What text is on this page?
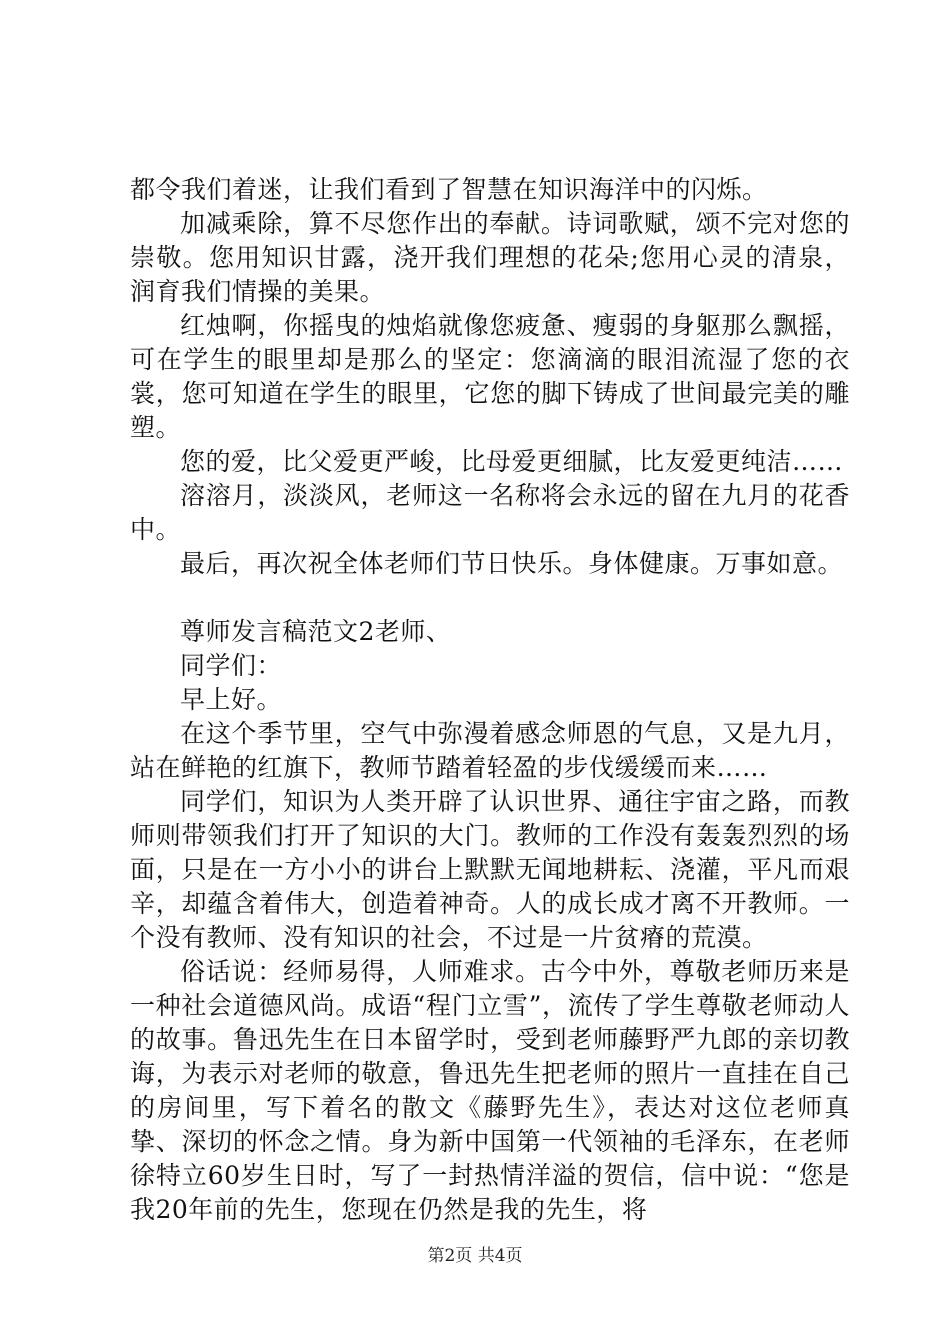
都令我们着迷，让我们看到了智慧在知识海洋中的闪烁。

加减乘除，算不尽您作出的奉献。诗词歌赋，颂不完对您的崇敬。您用知识甘露，浇开我们理想的花朵;您用心灵的清泉，润育我们情操的美果。

红烛啊，你摇曳的烛焰就像您疲惫、瘦弱的身躯那么飘摇，可在学生的眼里却是那么的坚定：您滴滴的眼泪流湿了您的衣裳，您可知道在学生的眼里，它您的脚下铸成了世间最完美的雕塑。

您的爱，比父爱更严峻，比母爱更细腻，比友爱更纯洁……

溶溶月，淡淡风，老师这一名称将会永远的留在九月的花香中。

最后，再次祝全体老师们节日快乐。身体健康。万事如意。

尊师发言稿范文2老师、

同学们：

早上好。

在这个季节里，空气中弥漫着感念师恩的气息，又是九月，站在鲜艳的红旗下，教师节踏着轻盈的步伐缓缓而来……

同学们，知识为人类开辟了认识世界、通往宇宙之路，而教师则带领我们打开了知识的大门。教师的工作没有轰轰烈烈的场面，只是在一方小小的讲台上默默无闻地耕耘、浇灌，平凡而艰辛，却蕴含着伟大，创造着神奇。人的成长成才离不开教师。一个没有教师、没有知识的社会，不过是一片贫瘠的荒漠。

俗话说：经师易得，人师难求。古今中外，尊敬老师历来是一种社会道德风尚。成语“程门立雪”，流传了学生尊敬老师动人的故事。鲁迅先生在日本留学时，受到老师藤野严九郎的亲切教诲，为表示对老师的敬意，鲁迅先生把老师的照片一直挂在自己的房间里，写下着名的散文《藤野先生》，表达对这位老师真挚、深切的怀念之情。身为新中国第一代领袖的毛泽东，在老师徐特立60岁生日时，写了一封热情洋溢的贺信，信中说：“您是我20年前的先生，您现在仍然是我的先生，将

第2页 共4页
